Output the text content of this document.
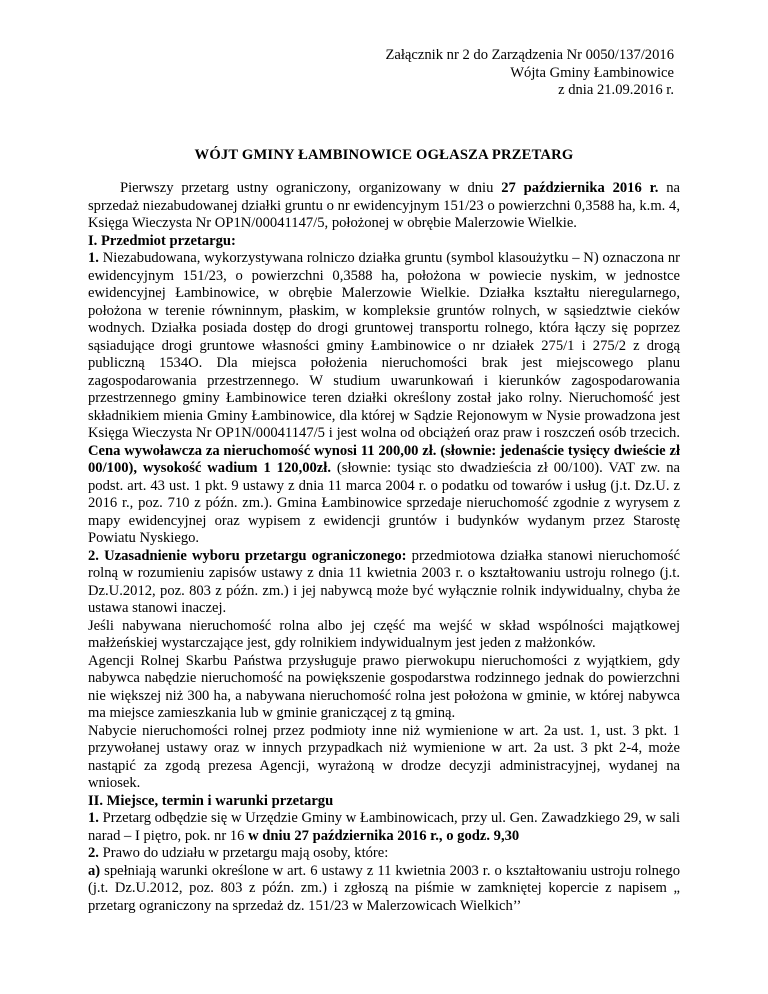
Załącznik nr 2 do Zarządzenia Nr 0050/137/2016
Wójta Gminy Łambinowice
z dnia 21.09.2016 r.
WÓJT GMINY ŁAMBINOWICE OGŁASZA PRZETARG

Pierwszy przetarg ustny ograniczony, organizowany w dniu 27 października 2016 r. na sprzedaż niezabudowanej działki gruntu o nr ewidencyjnym 151/23 o powierzchni 0,3588 ha, k.m. 4, Księga Wieczysta Nr OP1N/00041147/5, położonej w obrębie Malerzowie Wielkie.

I. Przedmiot przetargu:

1. Niezabudowana, wykorzystywana rolniczo działka gruntu (symbol klasoużytku – N) oznaczona nr ewidencyjnym 151/23, o powierzchni 0,3588 ha, położona w powiecie nyskim, w jednostce ewidencyjnej Łambinowice, w obrębie Malerzowie Wielkie. Działka kształtu nieregularnego, położona w terenie równinnym, płaskim, w kompleksie gruntów rolnych, w sąsiedztwie cieków wodnych. Działka posiada dostęp do drogi gruntowej transportu rolnego, która łączy się poprzez sąsiadujące drogi gruntowe własności gminy Łambinowice o nr działek 275/1 i 275/2 z drogą publiczną 1534O. Dla miejsca położenia nieruchomości brak jest miejscowego planu zagospodarowania przestrzennego. W studium uwarunkowań i kierunków zagospodarowania przestrzennego gminy Łambinowice teren działki określony został jako rolny. Nieruchomość jest składnikiem mienia Gminy Łambinowice, dla której w Sądzie Rejonowym w Nysie prowadzona jest Księga Wieczysta Nr OP1N/00041147/5 i jest wolna od obciążeń oraz praw i roszczeń osób trzecich. Cena wywoławcza za nieruchomość wynosi 11 200,00 zł. (słownie: jedenaście tysięcy dwieście zł 00/100), wysokość wadium 1 120,00zł. (słownie: tysiąc sto dwadzieścia zł 00/100). VAT zw. na podst. art. 43 ust. 1 pkt. 9 ustawy z dnia 11 marca 2004 r. o podatku od towarów i usług (j.t. Dz.U. z 2016 r., poz. 710 z późn. zm.). Gmina Łambinowice sprzedaje nieruchomość zgodnie z wyrysem z mapy ewidencyjnej oraz wypisem z ewidencji gruntów i budynków wydanym przez Starostę Powiatu Nyskiego.

2. Uzasadnienie wyboru przetargu ograniczonego: przedmiotowa działka stanowi nieruchomość rolną w rozumieniu zapisów ustawy z dnia 11 kwietnia 2003 r. o kształtowaniu ustroju rolnego (j.t. Dz.U.2012, poz. 803 z późn. zm.) i jej nabywcą może być wyłącznie rolnik indywidualny, chyba że ustawa stanowi inaczej.

Jeśli nabywana nieruchomość rolna albo jej część ma wejść w skład wspólności majątkowej małżeńskiej wystarczające jest, gdy rolnikiem indywidualnym jest jeden z małżonków.

Agencji Rolnej Skarbu Państwa przysługuje prawo pierwokupu nieruchomości z wyjątkiem, gdy nabywca nabędzie nieruchomość na powiększenie gospodarstwa rodzinnego jednak do powierzchni nie większej niż 300 ha, a nabywana nieruchomość rolna jest położona w gminie, w której nabywca ma miejsce zamieszkania lub w gminie graniczącej z tą gminą.

Nabycie nieruchomości rolnej przez podmioty inne niż wymienione w art. 2a ust. 1, ust. 3 pkt. 1 przywołanej ustawy oraz w innych przypadkach niż wymienione w art. 2a ust. 3 pkt 2-4, może nastąpić za zgodą prezesa Agencji, wyrażoną w drodze decyzji administracyjnej, wydanej na wniosek.

II. Miejsce, termin i warunki przetargu

1. Przetarg odbędzie się w Urzędzie Gminy w Łambinowicach, przy ul. Gen. Zawadzkiego 29, w sali narad – I piętro, pok. nr 16 w dniu 27 października 2016 r., o godz. 9,30

2. Prawo do udziału w przetargu mają osoby, które:

a) spełniają warunki określone w art. 6 ustawy z 11 kwietnia 2003 r. o kształtowaniu ustroju rolnego (j.t. Dz.U.2012, poz. 803 z późn. zm.) i zgłoszą na piśmie w zamkniętej kopercie z napisem „ przetarg ograniczony na sprzedaż dz. 151/23 w Malerzowicach Wielkich’’
